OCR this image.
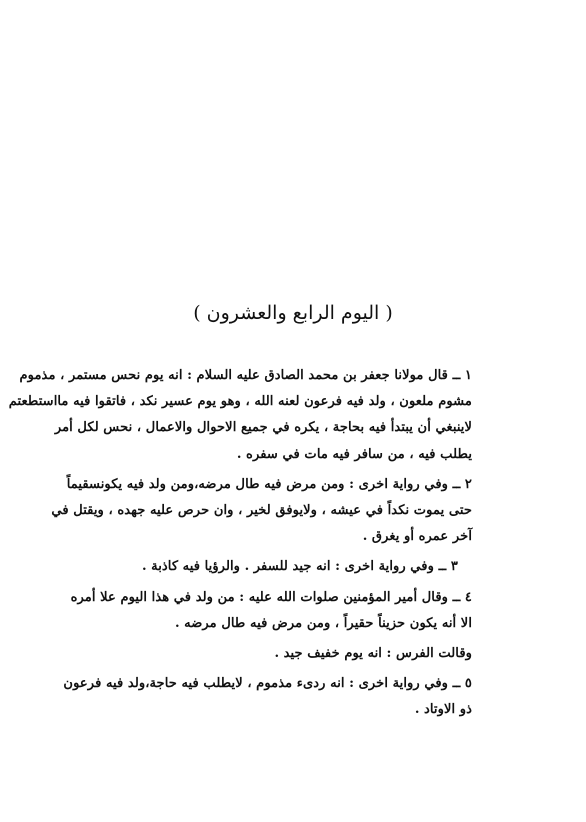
( اليوم الرابع والعشرون )
١ ــ قال مولانا جعفر بن محمد الصادق عليه السلام : انه يوم نحس مستمر ، مذموم
مشوم ملعون ، ولد فيه فرعون لعنه الله ، وهو يوم عسير نكد ، فاتقوا فيه مااستطعتم
لاينبغي أن يبتدأ فيه بحاجة ، يكره في جميع الاحوال والاعمال ، نحس لكل أمر
يطلب فيه ، من سافر فيه مات في سفره .
٢ ــ وفي رواية اخرى : ومن مرض فيه طال مرضه،ومن ولد فيه يكونسقيماً
حتى يموت نكداً في عيشه ، ولايوفق لخير ، وان حرص عليه جهده ، ويقتل في
آخر عمره أو يغرق .
٣ ــ وفي رواية اخرى : انه جيد للسفر . والرؤيا فيه كاذبة .
٤ ــ وقال أمير المؤمنين صلوات الله عليه : من ولد في هذا اليوم علا أمره
الا أنه يكون حزيناً حقيراً ، ومن مرض فيه طال مرضه .
وقالت الفرس : انه يوم خفيف جيد .
٥ ــ وفي رواية اخرى : انه ردىء مذموم ، لايطلب فيه حاجة،ولد فيه فرعون
ذو الاوتاد .
